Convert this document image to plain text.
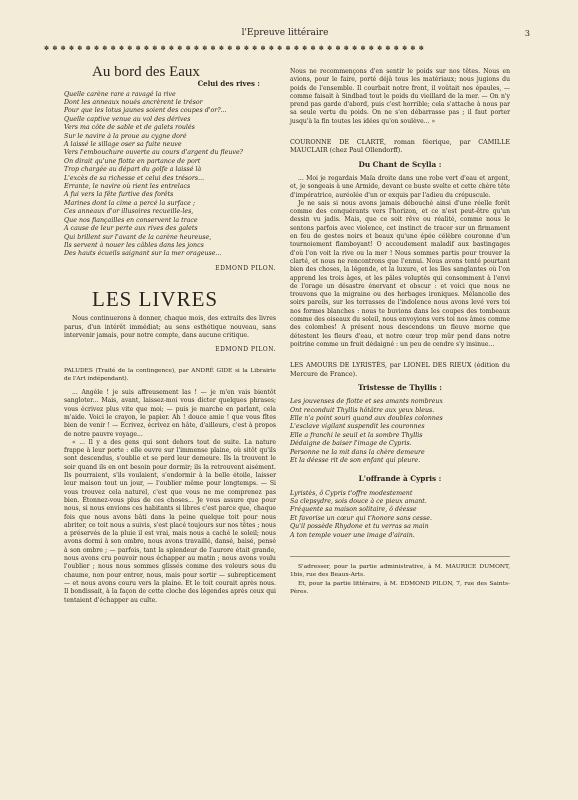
l'Epreuve littéraire	3
✽✽✽✽✽✽✽✽✽✽✽✽✽✽✽✽✽✽✽✽✽✽✽✽✽✽✽✽✽✽✽✽✽✽✽✽✽✽✽✽✽✽✽✽✽✽
Au bord des Eaux
Celui des rives :
Quelle carène rare a ravagé la rive
Dont les anneaux noués ancrèrent le trésor
Pour que les lotus jaunes soient des coupes d'or?...
Quelle captive venue au vol des dérives
Vers ma côte de sable et de galets roulés
Sur le navire à la proue au cygne doré
A laissé le sillage oser sa fuite neuve
Vers l'embouchure ouverte au cours d'argent du fleuve?
On dirait qu'une flotte en partance de port
Trop chargée au départ du golfe a laissé là
L'excès de sa richesse et celui des trésors...
Errante, le navire où rient les entrelacs
A fui vers la fête furtive des forêts
Marines dont la cime a percé la surface ;
Ces anneaux d'or illusoires recueille-les,
Que nos fiançailles en conservent la trace
A cause de leur perte aux rives des galets
Qui brillent sur l'avant de la carène heureuse,
Ils servent à nouer les câbles dans les joncs
Des hauts écueils saignant sur la mer orageuse...
EDMOND PILON.
LES LIVRES

Nous continuerons à donner, chaque mois, des extraits des livres parus, d'un intérêt immédiat; au sens esthétique nouveau, sans intervenir jamais, pour notre compte, dans aucune critique.

EDMOND PILON.

PALUDES (Traité de la contingence), par ANDRÉ GIDE si la Librairie de l'Art indépendant).

... Angèle ! je suis affreusement las ! — je m'en vais bientôt sangloter... Mais, avant, laissez-moi vous dicter quelques phrases; vous écrivez plus vite que moi; — puis je marche en parlant, cela m'aide. Voici le crayon, le papier. Ah ! douce amie ! que vous fîtes bien de venir ! — Écrivez, écrivez en hâte, d'ailleurs, c'est à propos de notre pauvre voyage...

« ... Il y a des gens qui sont dehors tout de suite. La nature frappe à leur porte : elle ouvre sur l'immense plaine, où sitôt qu'ils sont descendus, s'oublie et se perd leur demeure. Ils la trouvent le soir quand ils en ont besoin pour dormir; ils la retrouvent aisément. Ils pourraient, s'ils voulaient, s'endormir à la belle étoile, laisser leur maison tout un jour, — l'oublier même pour longtemps. — Si vous trouvez cela naturel, c'est que vous ne me comprenez pas bien. Étonnez-vous plus de ces choses... Je vous assure que pour nous, si nous envions ces habitants si libres c'est parce que, chaque fois que nous avons bâti dans la peine quelque toit pour nous abriter, ce toit nous a suivis, s'est placé toujours sur nos têtes ; nous a préservés de la pluie il est vrai, mais nous a caché le soleil; nous avons dormi à son ombre, nous avons travaillé, dansé, baisé, pensé à son ombre ; — parfois, tant la splendeur de l'aurore était grande, nous avons cru pouvoir nous échapper au matin ; nous avons voulu l'oublier ; nous nous sommes glissés comme des voleurs sous du chaume, non pour entrer, nous, mais pour sortir — subrepticement — et nous avons couru vers la plaine. Et le toit courait après nous. Il bondissait, à la façon de cette cloche des légendes après ceux qui tentaient d'échapper au culte.

Nous ne recommençons d'en sentir le poids sur nos têtes. Nous en avions, pour le faire, porté déjà tous les matériaux; nous jugions du poids de l'ensemble. Il courbait notre front, il voûtait nos épaules, — comme faisait à Sindbad tout le poids du vieillard de la mer. — On n'y prend pas garde d'abord, puis c'est horrible; cela s'attache à nous par sa seule vertu du poids. On ne s'en débarrasse pas ; il faut porter jusqu'à la fin toutes les idées qu'on soulève... »

COURONNE DE CLARTÉ, roman féerique, par CAMILLE MAUCLAIR (chez Paul Ollendorff).

Du Chant de Scylla :

... Moi je regardais Maïa droite dans une robe vert d'eau et argent, et, je songeais à une Armide, devant ce buste svelte et cette chère tête d'impératrice, auréolée d'un or exquis par l'adieu du crépuscule.

Je ne sais si nous avons jamais débouché ainsi d'une réelle forêt comme des conquérants vers l'horizon, et ce n'est peut-être qu'un dessin vu jadis. Mais, que ce soit rêve ou réalité, comme nous le sentons parfois avec violence, cet instinct de tracer sur un firmament en feu de gestes noirs et beaux qu'une épée célèbre couronne d'un tournoiement flamboyant! O accoudement maladif aux bastingages d'où l'on voit la rive ou la mer ! Nous sommes partis pour trouver la clarté, et nous ne rencontrons que l'ennui. Nous avons tenté pourtant bien des choses, la légende, et la luxure, et les îles sanglantes où l'on apprend les trois âges, et les pâles voluptés qui consomment à l'envi de l'orage un désastre énervant et obscur : et voici que nous ne trouvons que la migraine ou des herbages ironiques. Mélancolie des soirs pareils, sur les terrasses de l'indolence nous avons levé vers toi nos formes blanches : nous te buvions dans les coupes des tombeaux comme des oiseaux du soleil, nous envoyions vers toi nos âmes comme des colombes! A présent nous descendons un fleuve morne que détestent les fleurs d'eau, et notre cœur trop mûr pend dans notre poitrine comme un fruit dédaigné : un peu de cendre s'y insinue...

LES AMOURS DE LYRISTÈS, par LIONEL DES RIEUX (édition du Mercure de France).

Tristesse de Thyllis :
Les jouvenses de flotte et ses amants nombreux
Ont reconduit Thyllis hôtâtre aux yeux bleus.
Elle n'a point souri quand aux doubles colonnes
L'esclave vigilant suspendit les couronnes
Elle a franchi le seuil et la sombre Thyllis
Dédaigne de baiser l'image de Cypris.
Personne ne la mit dans la chère demeure
Et la déesse rit de son enfant qui pleure.
L'offrande à Cypris :
Lyristès, ô Cypris t'offre modestement
Sa clepsydre, sois douce à ce pieux amant.
Fréquente sa maison solitaire, ô déesse
Et favorise un cœur qui t'honore sans cesse.
Qu'il possède Rhydone et tu verras sa main
A ton temple vouer une image d'airain.

S'adresser, pour la partie administrative, à M. MAURICE DUMONT, 1bis, rue des Beaux-Arts.

Et, pour la partie littéraire, à M. EDMOND PILON, 7, rue des Saints-Pères.
